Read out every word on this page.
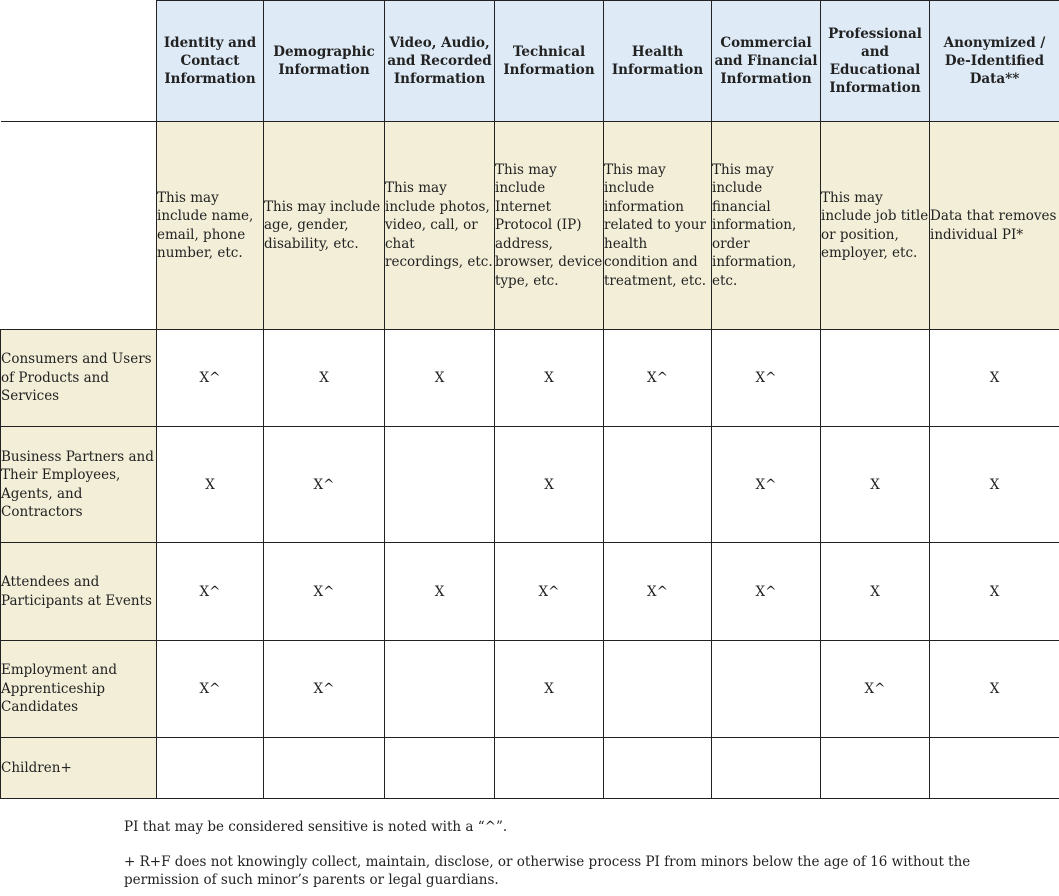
	Identity and Contact Information	Demographic Information	Video, Audio, and Recorded Information	Technical Information	Health Information	Commercial and Financial Information	Professional and Educational Information	Anonymized / De-Identified Data**
	This may include name, email, phone number, etc.	This may include age, gender, disability, etc.	This may include photos, video, call, or chat recordings, etc.	This may include Internet Protocol (IP) address, browser, device type, etc.	This may include information related to your health condition and treatment, etc.	This may include financial information, order information, etc.	This may include job title or position, employer, etc.	Data that removes individual PI*
Consumers and Users of Products and Services	X^	X	X	X	X^	X^		X
Business Partners and Their Employees, Agents, and Contractors	X	X^		X		X^	X	X
Attendees and Participants at Events	X^	X^	X	X^	X^	X^	X	X
Employment and Apprenticeship Candidates	X^	X^		X			X^	X
Children+								

PI that may be considered sensitive is noted with a “^”.

+ R+F does not knowingly collect, maintain, disclose, or otherwise process PI from minors below the age of 16 without the permission of such minor’s parents or legal guardians.
